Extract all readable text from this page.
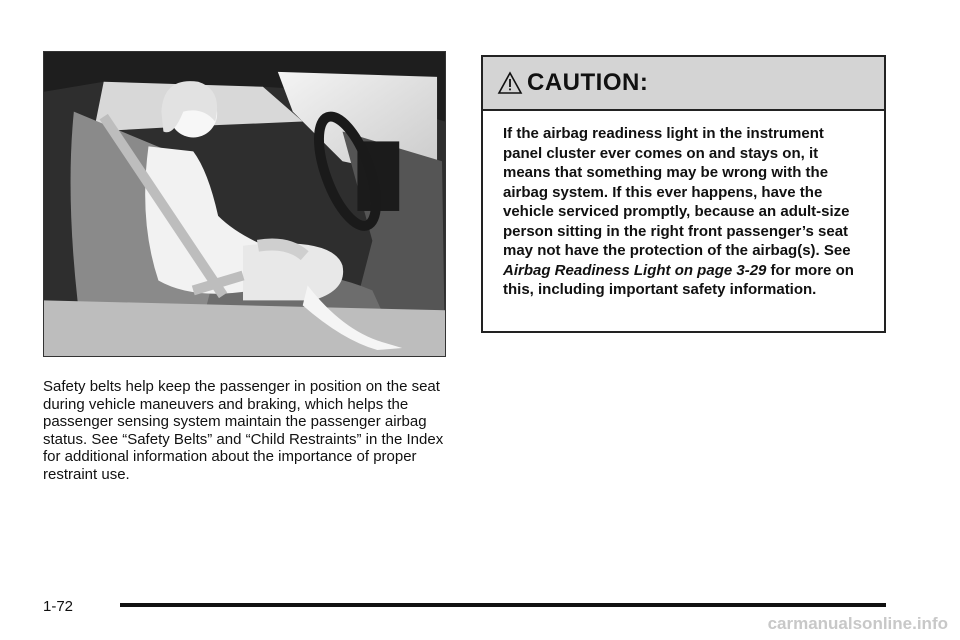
Safety belts help keep the passenger in position on the seat during vehicle maneuvers and braking, which helps the passenger sensing system maintain the passenger airbag status. See “Safety Belts” and “Child Restraints” in the Index for additional information about the importance of proper restraint use.

CAUTION:

If the airbag readiness light in the instrument panel cluster ever comes on and stays on, it means that something may be wrong with the airbag system. If this ever happens, have the vehicle serviced promptly, because an adult-size person sitting in the right front passenger’s seat may not have the protection of the airbag(s). See Airbag Readiness Light on page 3-29 for more on this, including important safety information.

1-72
carmanualsonline.info
